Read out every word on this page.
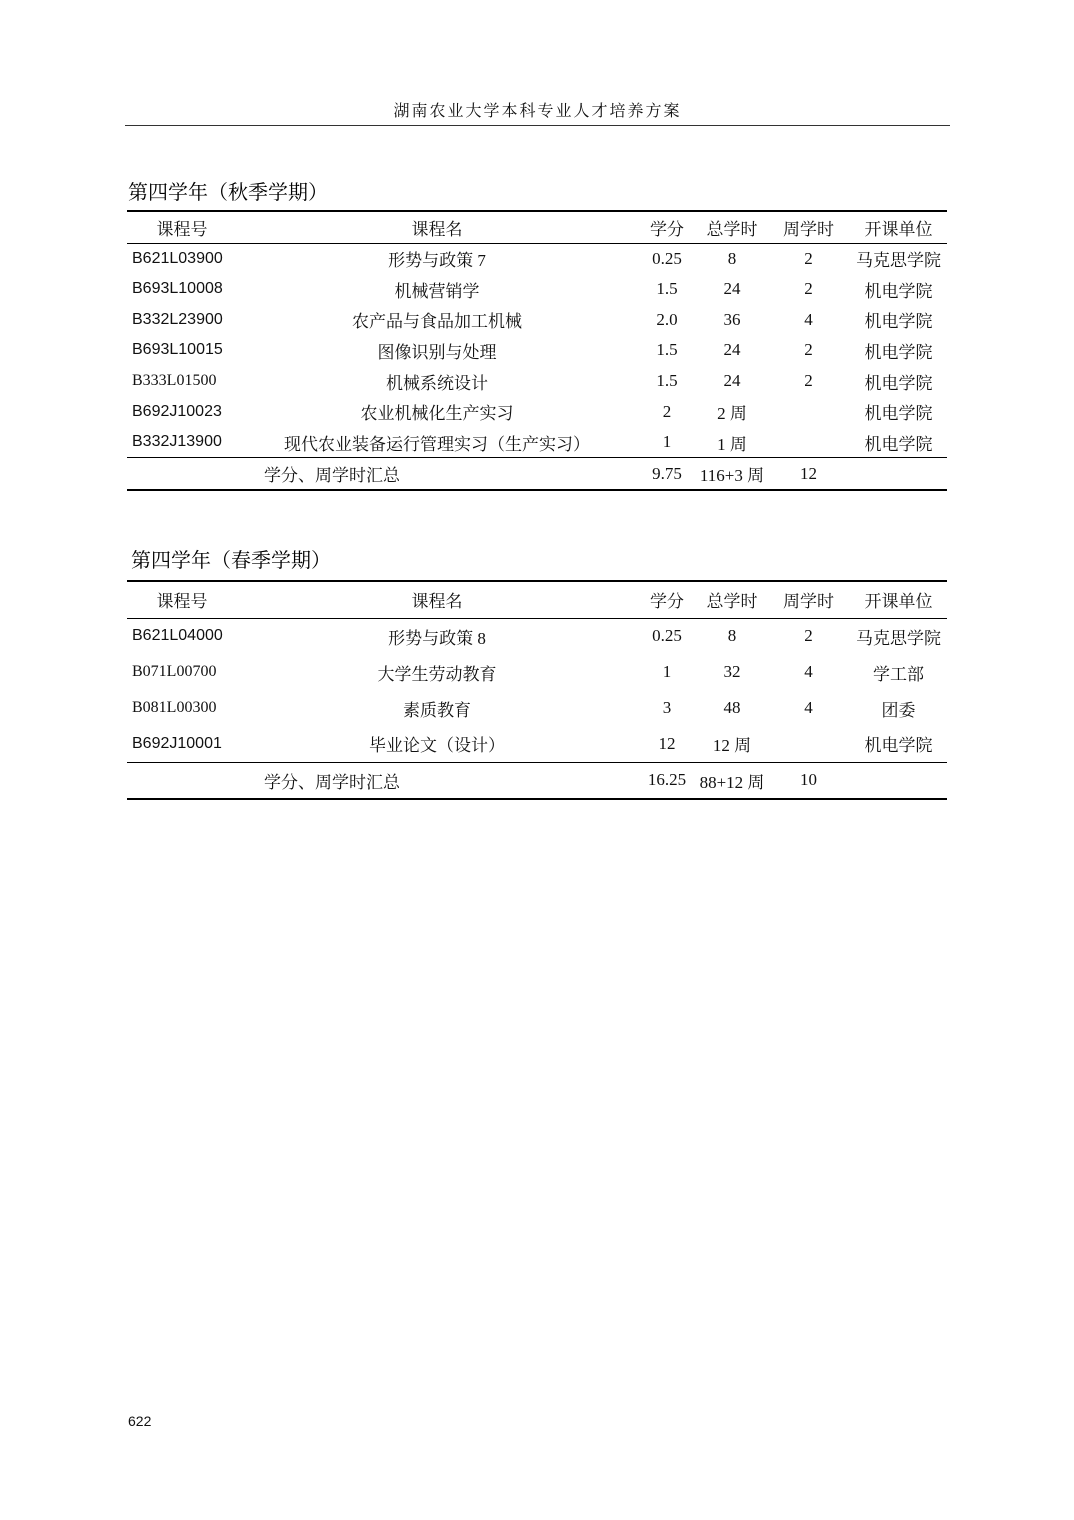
湖南农业大学本科专业人才培养方案
第四学年（秋季学期）
课程号	课程名	学分	总学时	周学时	开课单位
B621L03900	形势与政策 7	0.25	8	2	马克思学院
B693L10008	机械营销学	1.5	24	2	机电学院
B332L23900	农产品与食品加工机械	2.0	36	4	机电学院
B693L10015	图像识别与处理	1.5	24	2	机电学院
B333L01500	机械系统设计	1.5	24	2	机电学院
B692J10023	农业机械化生产实习	2	2 周		机电学院
B332J13900	现代农业装备运行管理实习（生产实习）	1	1 周		机电学院
学分、周学时汇总		9.75	116+3 周	12	
第四学年（春季学期）
课程号	课程名	学分	总学时	周学时	开课单位
B621L04000	形势与政策 8	0.25	8	2	马克思学院
B071L00700	大学生劳动教育	1	32	4	学工部
B081L00300	素质教育	3	48	4	团委
B692J10001	毕业论文（设计）	12	12 周		机电学院
学分、周学时汇总		16.25	88+12 周	10	
622
